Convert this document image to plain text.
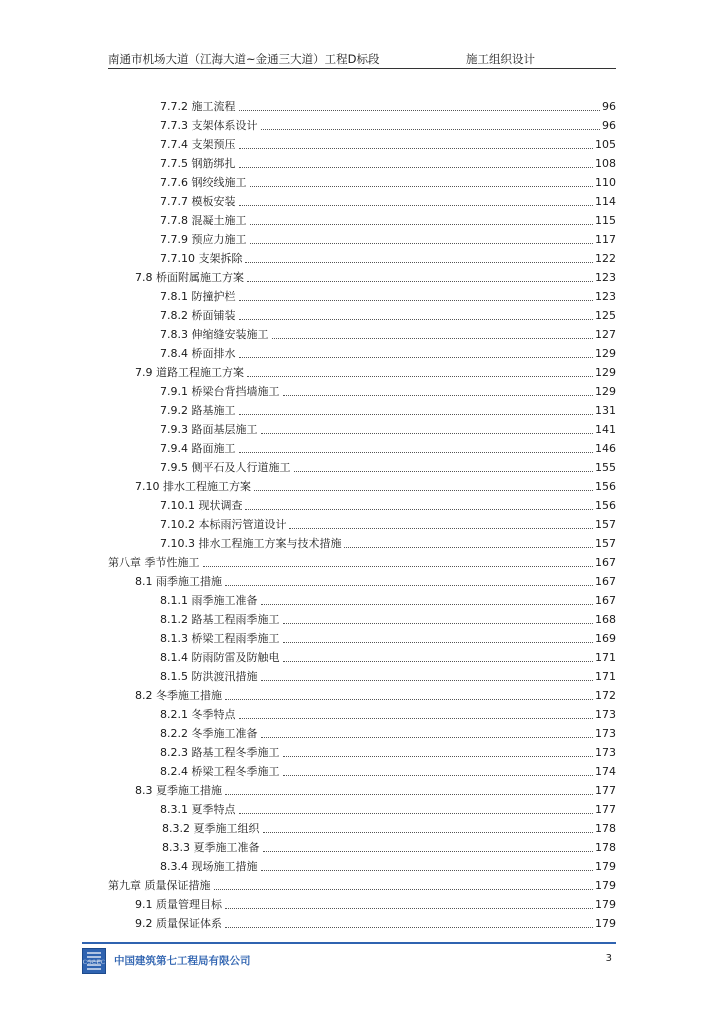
南通市机场大道（江海大道~金通三大道）工程D标段	施工组织设计
7.7.2 施工流程	96
7.7.3 支架体系设计	96
7.7.4 支架预压	105
7.7.5 钢筋绑扎	108
7.7.6 钢绞线施工	110
7.7.7 模板安装	114
7.7.8 混凝土施工	115
7.7.9 预应力施工	117
7.7.10 支架拆除	122
7.8 桥面附属施工方案	123
7.8.1 防撞护栏	123
7.8.2 桥面铺装	125
7.8.3 伸缩缝安装施工	127
7.8.4 桥面排水	129
7.9 道路工程施工方案	129
7.9.1 桥梁台背挡墙施工	129
7.9.2 路基施工	131
7.9.3 路面基层施工	141
7.9.4 路面施工	146
7.9.5 侧平石及人行道施工	155
7.10 排水工程施工方案	156
7.10.1 现状调查	156
7.10.2 本标雨污管道设计	157
7.10.3 排水工程施工方案与技术措施	157
第八章 季节性施工	167
8.1 雨季施工措施	167
8.1.1 雨季施工准备	167
8.1.2 路基工程雨季施工	168
8.1.3 桥梁工程雨季施工	169
8.1.4 防雨防雷及防触电	171
8.1.5 防洪渡汛措施	171
8.2 冬季施工措施	172
8.2.1 冬季特点	173
8.2.2 冬季施工准备	173
8.2.3 路基工程冬季施工	173
8.2.4 桥梁工程冬季施工	174
8.3 夏季施工措施	177
8.3.1 夏季特点	177
8.3.2 夏季施工组织	178
8.3.3 夏季施工准备	178
8.3.4 现场施工措施	179
第九章 质量保证措施	179
9.1 质量管理目标	179
9.2 质量保证体系	179
CSCEC 中国建筑第七工程局有限公司	3
